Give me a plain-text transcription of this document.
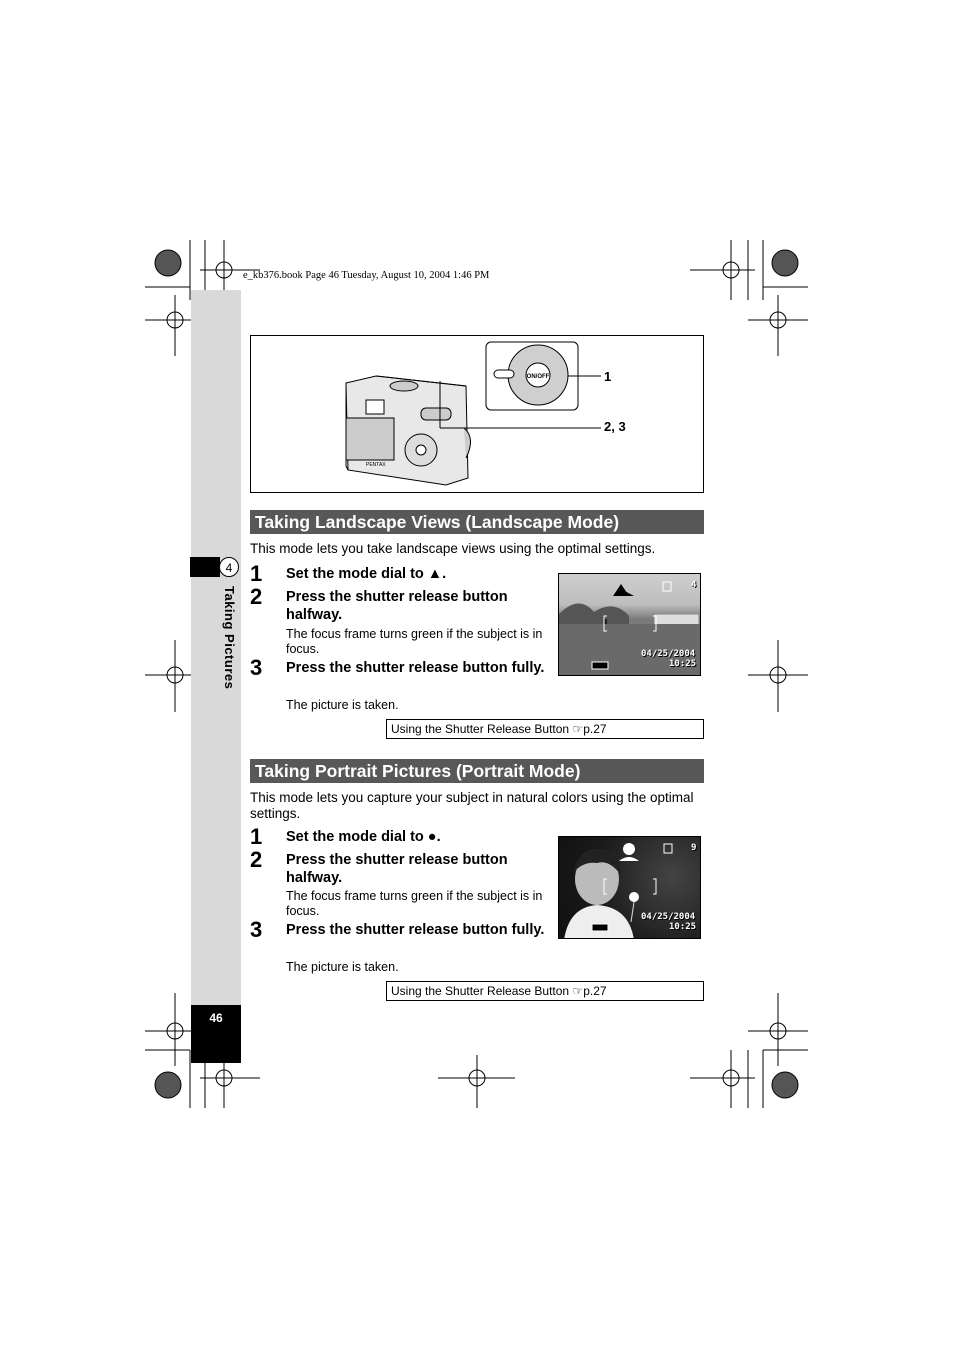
e_kb376.book Page 46 Tuesday, August 10, 2004 1:46 PM
4
Taking Pictures
46
PENTAX
ON/OFF	1
2, 3
Taking Landscape Views (Landscape Mode)
This mode lets you take landscape views using the optimal settings.
1 Set the mode dial to ▲.
2 Press the shutter release button halfway.
The focus frame turns green if the subject is in focus.
3 Press the shutter release button fully.
The picture is taken.
Using the Shutter Release Button ☞p.27
4
04/25/2004
10:25
Taking Portrait Pictures (Portrait Mode)
This mode lets you capture your subject in natural colors using the optimal settings.
1 Set the mode dial to ●.
2 Press the shutter release button halfway.
The focus frame turns green if the subject is in focus.
3 Press the shutter release button fully.
The picture is taken.
Using the Shutter Release Button ☞p.27
9
04/25/2004
10:25
